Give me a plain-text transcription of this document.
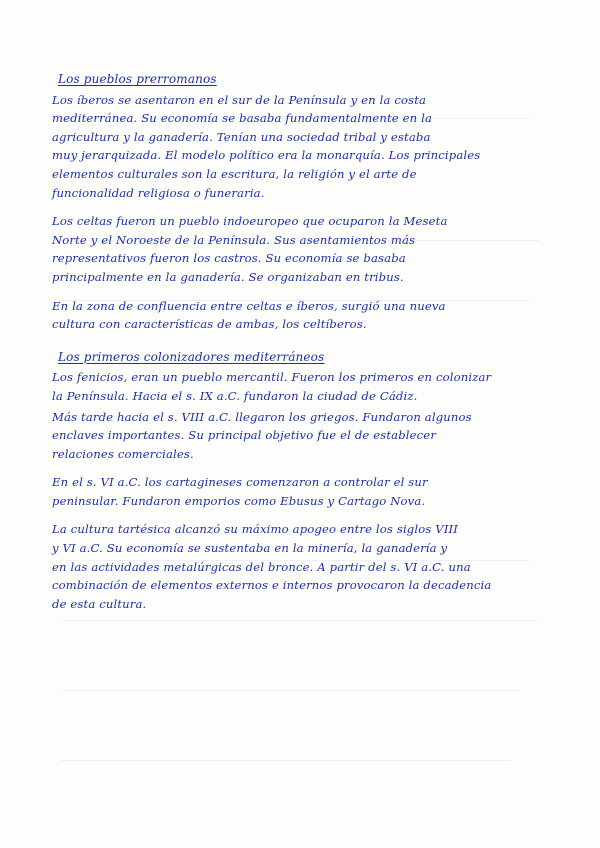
Los pueblos prerromanos
Los íberos se asentaron en el sur de la Península y en la costa
mediterránea. Su economía se basaba fundamentalmente en la
agricultura y la ganadería. Tenían una sociedad tribal y estaba
muy jerarquizada. El modelo político era la monarquía. Los principales
elementos culturales son la escritura, la religión y el arte de
funcionalidad religiosa o funeraria.
Los celtas fueron un pueblo indoeuropeo que ocuparon la Meseta
Norte y el Noroeste de la Península. Sus asentamientos más
representativos fueron los castros. Su economía se basaba
principalmente en la ganadería. Se organizaban en tribus.
En la zona de confluencia entre celtas e íberos, surgió una nueva
cultura con características de ambas, los celtíberos.
Los primeros colonizadores mediterráneos
Los fenicios, eran un pueblo mercantil. Fueron los primeros en colonizar
la Península. Hacia el s. IX a.C. fundaron la ciudad de Cádiz.
Más tarde hacia el s. VIII a.C. llegaron los griegos. Fundaron algunos
enclaves importantes. Su principal objetivo fue el de establecer
relaciones comerciales.
En el s. VI a.C. los cartagineses comenzaron a controlar el sur
peninsular. Fundaron emporios como Ebusus y Cartago Nova.
La cultura tartésica alcanzó su máximo apogeo entre los siglos VIII
y VI a.C. Su economía se sustentaba en la minería, la ganadería y
en las actividades metalúrgicas del bronce. A partir del s. VI a.C. una
combinación de elementos externos e internos provocaron la decadencia
de esta cultura.
